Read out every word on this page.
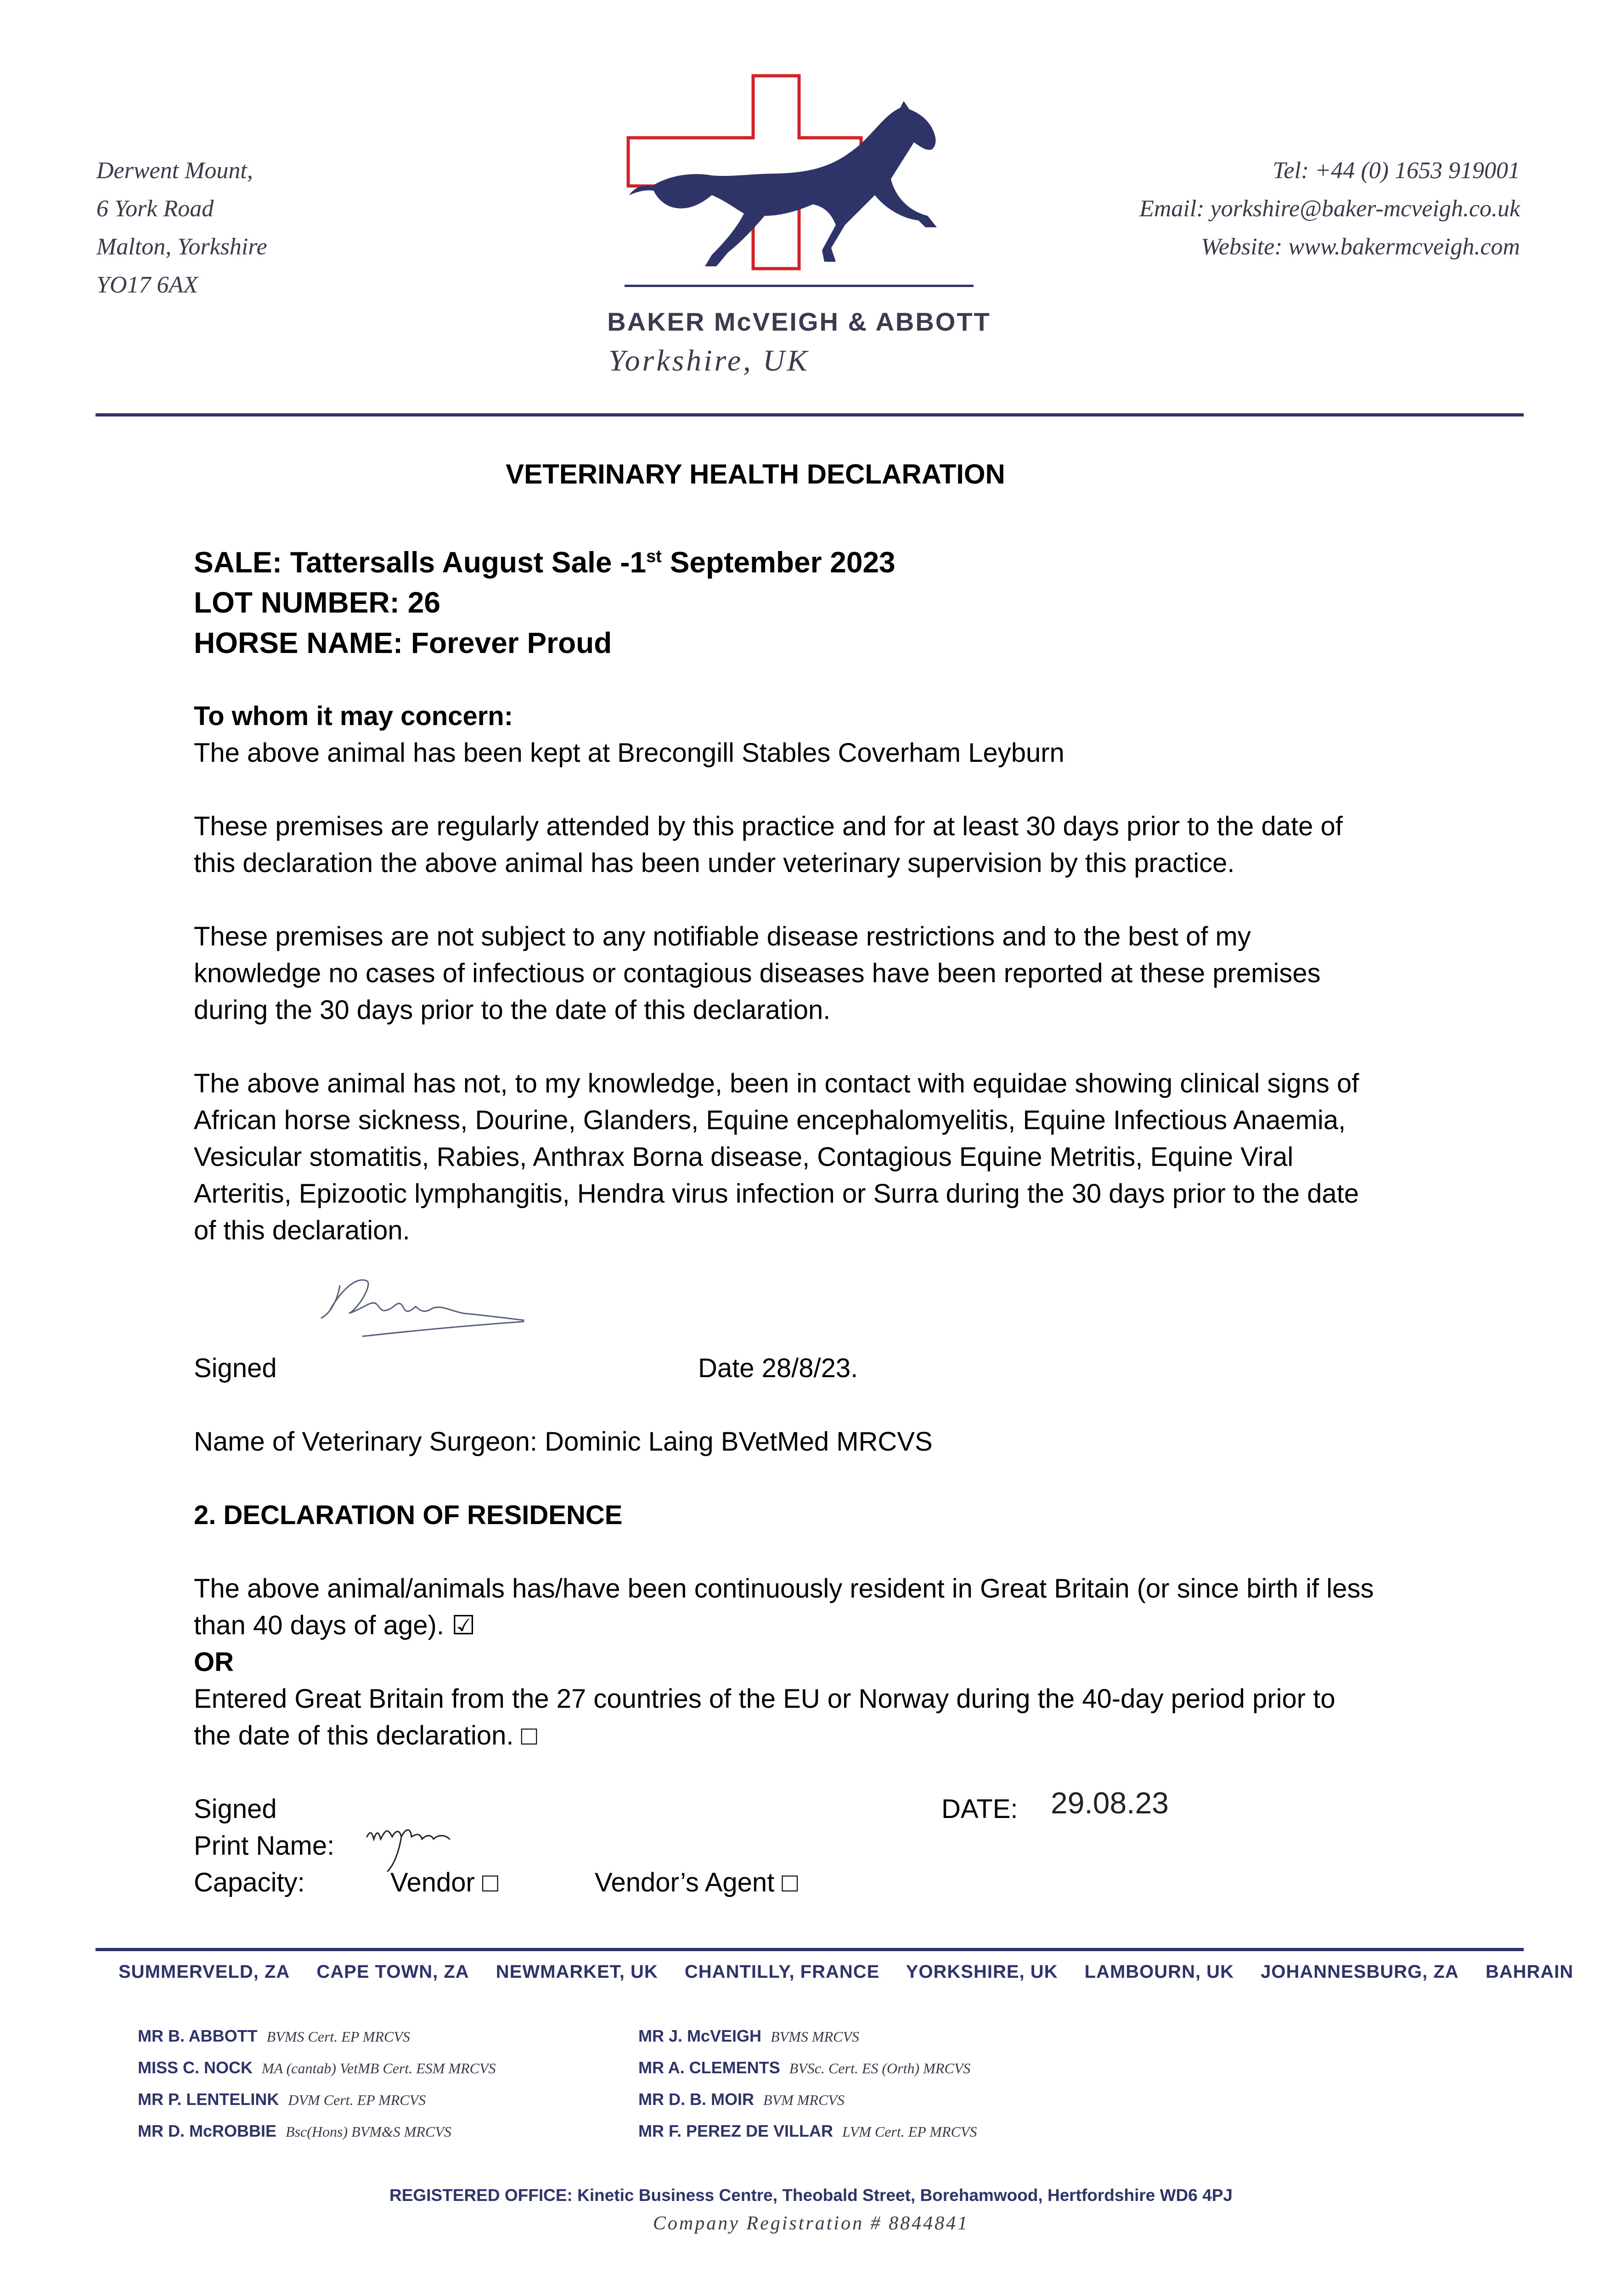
Derwent Mount,
6 York Road
Malton, Yorkshire
YO17 6AX
BAKER McVEIGH & ABBOTT
Yorkshire, UK
Tel: +44 (0) 1653 919001
Email: yorkshire@baker-mcveigh.co.uk
Website: www.bakermcveigh.com
VETERINARY HEALTH DECLARATION
SALE: Tattersalls August Sale -1st September 2023
LOT NUMBER: 26
HORSE NAME: Forever Proud

To whom it may concern:

The above animal has been kept at Brecongill Stables Coverham Leyburn

These premises are regularly attended by this practice and for at least 30 days prior to the date of

this declaration the above animal has been under veterinary supervision by this practice.

These premises are not subject to any notifiable disease restrictions and to the best of my

knowledge no cases of infectious or contagious diseases have been reported at these premises

during the 30 days prior to the date of this declaration.

The above animal has not, to my knowledge, been in contact with equidae showing clinical signs of

African horse sickness, Dourine, Glanders, Equine encephalomyelitis, Equine Infectious Anaemia,

Vesicular stomatitis, Rabies, Anthrax Borna disease, Contagious Equine Metritis, Equine Viral

Arteritis, Epizootic lymphangitis, Hendra virus infection or Surra during the 30 days prior to the date

of this declaration.

Signed	Date 28/8/23.
Name of Veterinary Surgeon: Dominic Laing BVetMed MRCVS
2. DECLARATION OF RESIDENCE

The above animal/animals has/have been continuously resident in Great Britain (or since birth if less

than 40 days of age). ☑

OR

Entered Great Britain from the 27 countries of the EU or Norway during the 40-day period prior to

the date of this declaration. □

Signed	DATE: 29.08.23
Print Name:
Capacity:	Vendor □	Vendor’s Agent □
SUMMERVELD, ZA CAPE TOWN, ZA NEWMARKET, UK CHANTILLY, FRANCE YORKSHIRE, UK LAMBOURN, UK JOHANNESBURG, ZA BAHRAIN
MR B. ABBOTT BVMS Cert. EP MRCVS
MISS C. NOCK MA (cantab) VetMB Cert. ESM MRCVS
MR P. LENTELINK DVM Cert. EP MRCVS
MR D. McROBBIE Bsc(Hons) BVM&S MRCVS
MR J. McVEIGH BVMS MRCVS
MR A. CLEMENTS BVSc. Cert. ES (Orth) MRCVS
MR D. B. MOIR BVM MRCVS
MR F. PEREZ DE VILLAR LVM Cert. EP MRCVS
REGISTERED OFFICE: Kinetic Business Centre, Theobald Street, Borehamwood, Hertfordshire WD6 4PJ
Company Registration # 8844841
